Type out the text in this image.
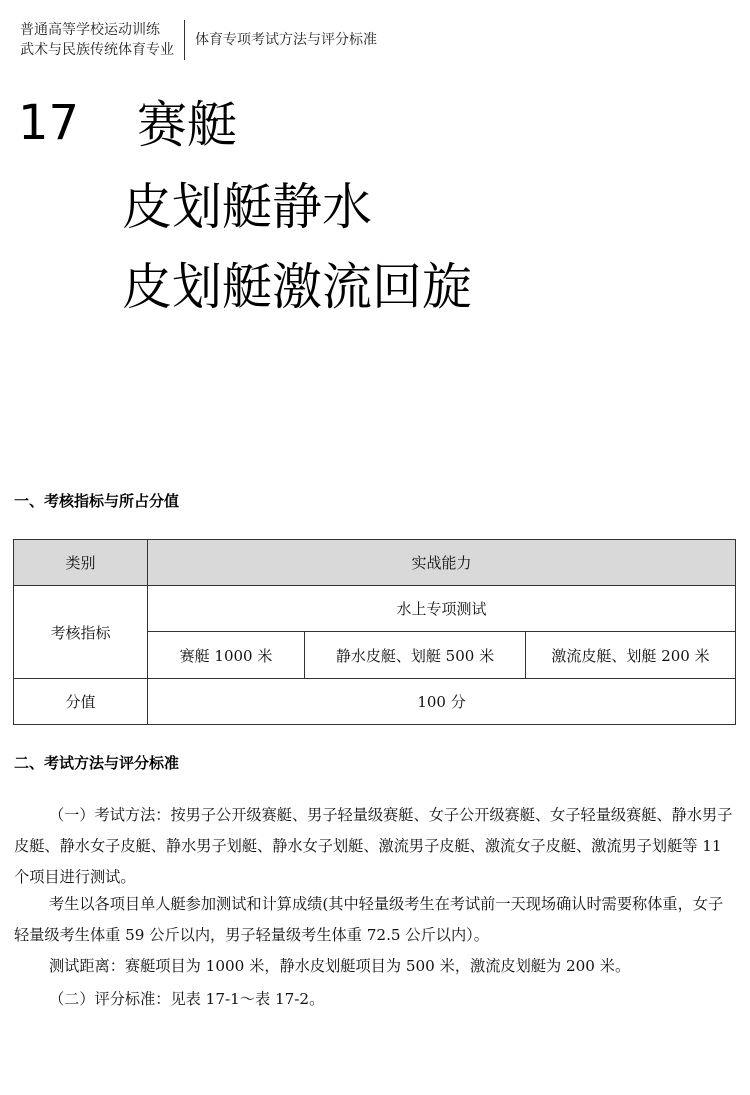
普通高等学校运动训练
武术与民族传统体育专业
体育专项考试方法与评分标准
17 赛艇
皮划艇静水
皮划艇激流回旋
一、考核指标与所占分值
类别	实战能力		
考核指标	水上专项测试		
	赛艇 1000 米	静水皮艇、划艇 500 米	激流皮艇、划艇 200 米
分值	100 分		
二、考试方法与评分标准
（一）考试方法：按男子公开级赛艇、男子轻量级赛艇、女子公开级赛艇、女子轻量级赛艇、静水男子皮艇、静水女子皮艇、静水男子划艇、静水女子划艇、激流男子皮艇、激流女子皮艇、激流男子划艇等 11 个项目进行测试。
考生以各项目单人艇参加测试和计算成绩(其中轻量级考生在考试前一天现场确认时需要称体重，女子轻量级考生体重 59 公斤以内，男子轻量级考生体重 72.5 公斤以内）。
测试距离：赛艇项目为 1000 米，静水皮划艇项目为 500 米，激流皮划艇为 200 米。
（二）评分标准：见表 17-1～表 17-2。
